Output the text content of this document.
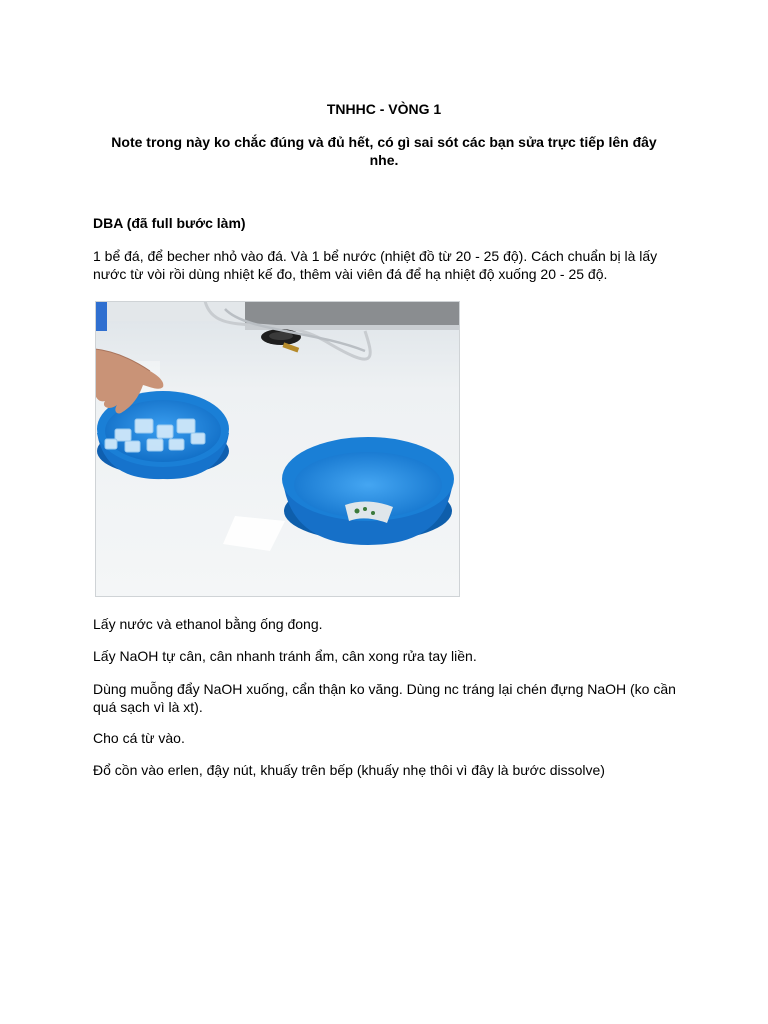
TNHHC - VÒNG 1
Note trong này ko chắc đúng và đủ hết, có gì sai sót các bạn sửa trực tiếp lên đây nhe.
DBA (đã full bước làm)
1 bể đá, để becher nhỏ vào đá. Và 1 bể nước (nhiệt đồ từ 20 - 25 độ). Cách chuẩn bị là lấy nước từ vòi rồi dùng nhiệt kế đo, thêm vài viên đá để hạ nhiệt độ xuống 20 - 25 độ.
Lấy nước và ethanol bằng ống đong.
Lấy NaOH tự cân, cân nhanh tránh ẩm, cân xong rửa tay liền.
Dùng muỗng đẩy NaOH xuống, cẩn thận ko văng. Dùng nc tráng lại chén đựng NaOH (ko cần quá sạch vì là xt).
Cho cá từ vào.
Đổ cồn vào erlen, đậy nút, khuấy trên bếp (khuấy nhẹ thôi vì đây là bước dissolve)
